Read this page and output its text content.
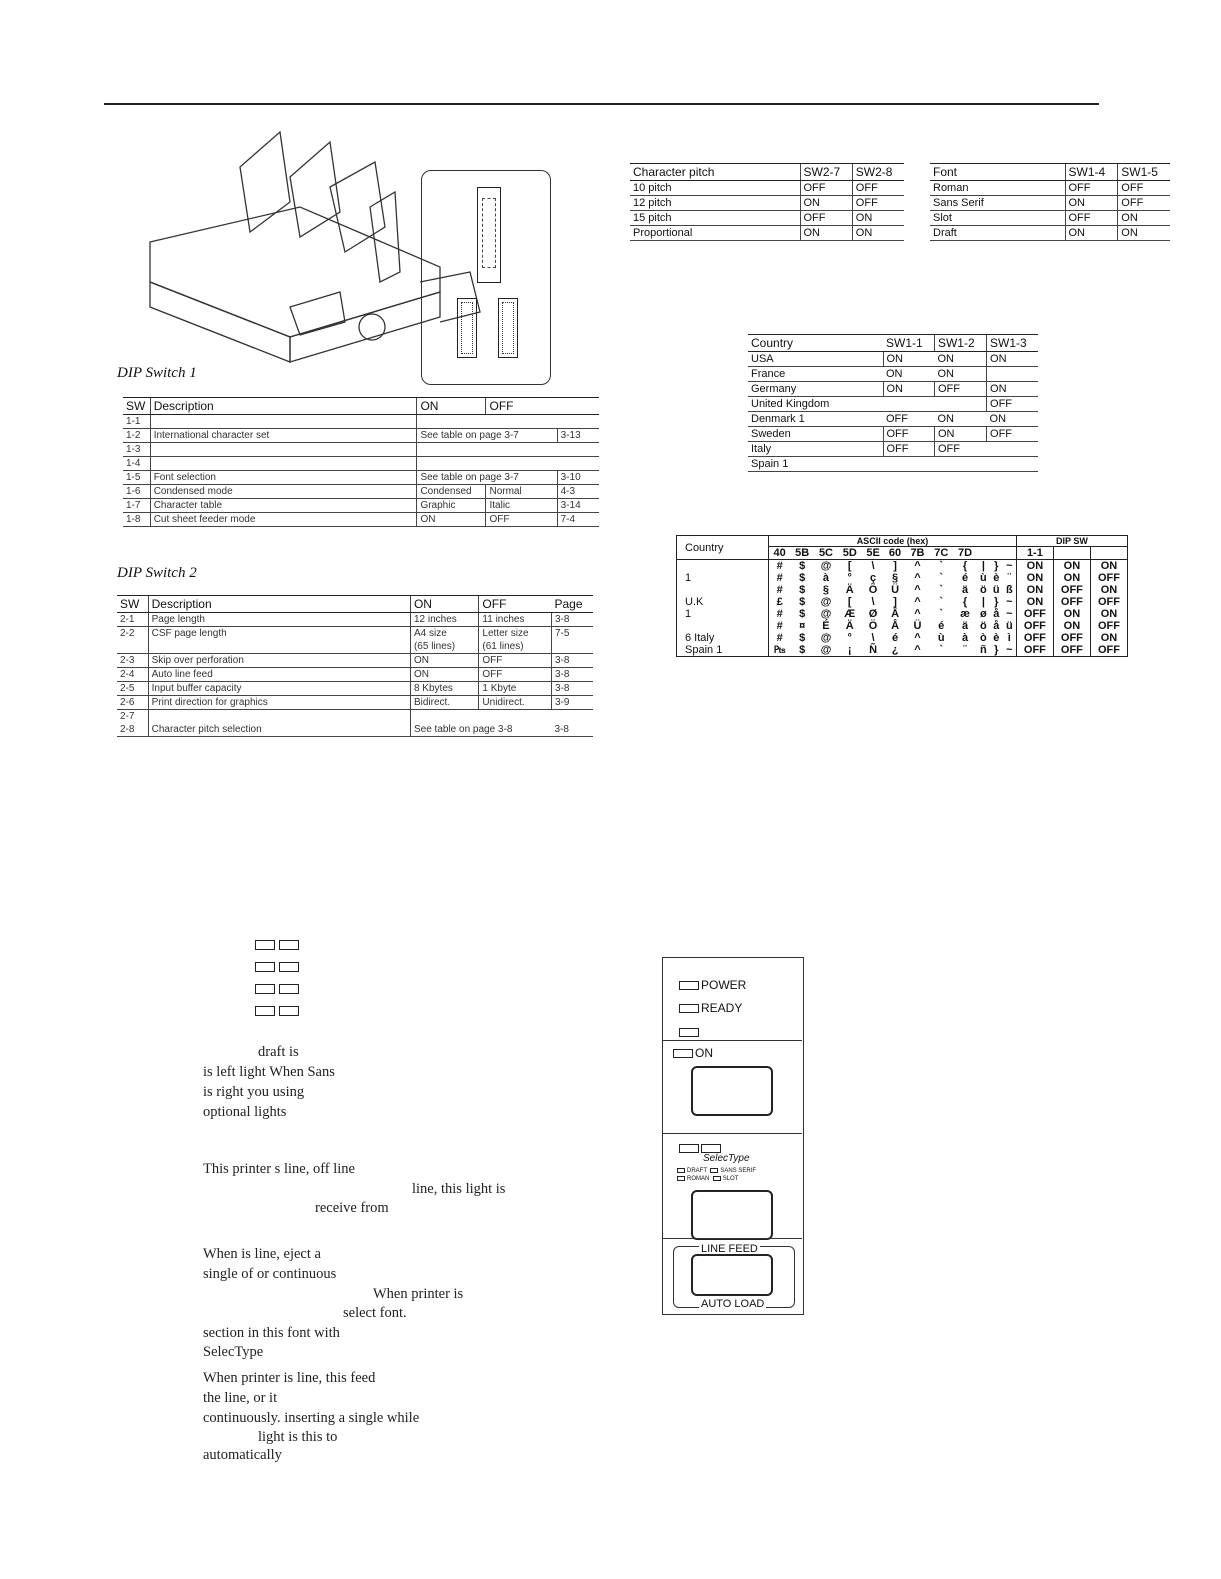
DIP Switch 1
SW	Description	ON	OFF	
1-1				
1-2	International character set	See table on page 3-7		3-13
1-3				
1-4				
1-5	Font selection	See table on page 3-7		3-10
1-6	Condensed mode	Condensed	Normal	4-3
1-7	Character table	Graphic	Italic	3-14
1-8	Cut sheet feeder mode	ON	OFF	7-4
DIP Switch 2
SW	Description	ON	OFF	Page
2-1	Page length	12 inches	11 inches	3-8
2-2	CSF page length	A4 size	Letter size	7-5
		(65 lines)	(61 lines)	
2-3	Skip over perforation	ON	OFF	3-8
2-4	Auto line feed	ON	OFF	3-8
2-5	Input buffer capacity	8 Kbytes	1 Kbyte	3-8
2-6	Print direction for graphics	Bidirect.	Unidirect.	3-9
2-7				
2-8	Character pitch selection	See table on page 3-8		3-8
Character pitch	SW2-7	SW2-8
10 pitch	OFF	OFF
12 pitch	ON	OFF
15 pitch	OFF	ON
Proportional	ON	ON
Font	SW1-4	SW1-5
Roman	OFF	OFF
Sans Serif	ON	OFF
Slot	OFF	ON
Draft	ON	ON
Country	SW1-1	SW1-2	SW1-3
USA	ON	ON	ON
France	ON	ON	
Germany	ON	OFF	ON
United Kingdom			OFF
Denmark 1	OFF	ON	ON
Sweden	OFF	ON	OFF
Italy	OFF	OFF	
Spain 1			
Country	ASCII code (hex)												DIP SW		
	40	5B	5C	5D	5E	60	7B	7C	7D				1-1		
	#	$	@	[	\	]	^	`	{	|	}	~	ON	ON	ON
1	#	$	à	°	ç	§	^	`	é	ù	è	¨	ON	ON	OFF
	#	$	§	Ä	Ö	Ü	^	`	ä	ö	ü	ß	ON	OFF	ON
U.K	£	$	@	[	\	]	^	`	{	|	}	~	ON	OFF	OFF
1	#	$	@	Æ	Ø	Å	^	`	æ	ø	å	~	OFF	ON	ON
	#	¤	É	Ä	Ö	Å	Ü	é	ä	ö	å	ü	OFF	ON	OFF
6 Italy	#	$	@	°	\	é	^	ù	à	ò	è	ì	OFF	OFF	ON
Spain 1	₧	$	@	¡	Ñ	¿	^	`	¨	ñ	}	~	OFF	OFF	OFF
draft is
is left light When Sans
is right you using
optional lights
This printer s line, off line
line, this light is
receive from
When is line, eject a
single of or continuous
When printer is
select font.
section in this font with
SelecType
When printer is line, this feed
the line, or it
continuously. inserting a single while
light is this to
automatically
POWER
READY
ON
SelecType
DRAFT SANS SERIF
ROMAN SLOT
LINE FEED
AUTO LOAD
